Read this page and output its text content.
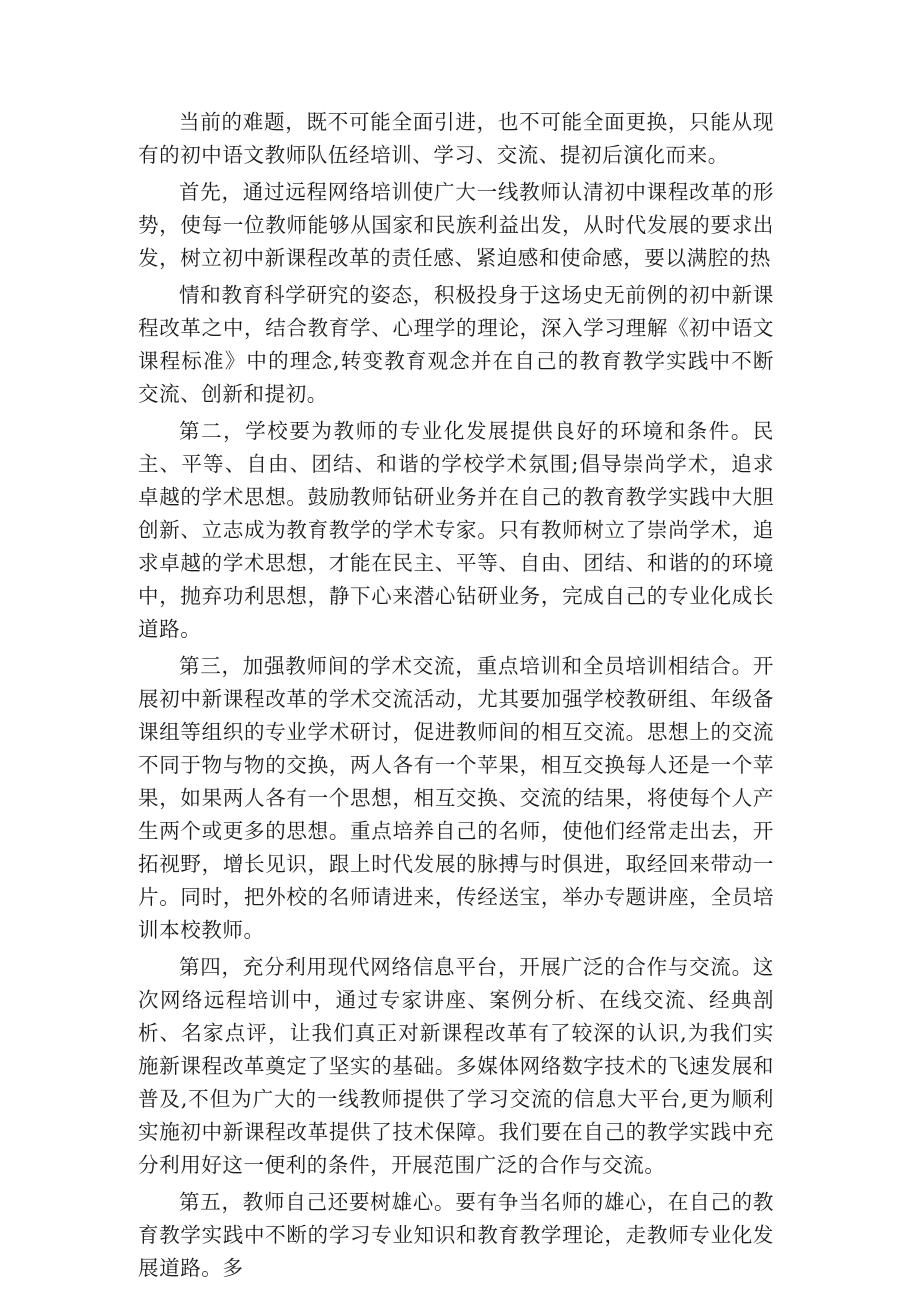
当前的难题，既不可能全面引进，也不可能全面更换，只能从现有的初中语文教师队伍经培训、学习、交流、提初后演化而来。

首先，通过远程网络培训使广大一线教师认清初中课程改革的形势，使每一位教师能够从国家和民族利益出发，从时代发展的要求出发，树立初中新课程改革的责任感、紧迫感和使命感，要以满腔的热

情和教育科学研究的姿态，积极投身于这场史无前例的初中新课程改革之中，结合教育学、心理学的理论，深入学习理解《初中语文课程标准》中的理念,转变教育观念并在自己的教育教学实践中不断交流、创新和提初。

第二，学校要为教师的专业化发展提供良好的环境和条件。民主、平等、自由、团结、和谐的学校学术氛围;倡导崇尚学术，追求卓越的学术思想。鼓励教师钻研业务并在自己的教育教学实践中大胆创新、立志成为教育教学的学术专家。只有教师树立了崇尚学术，追求卓越的学术思想，才能在民主、平等、自由、团结、和谐的的环境中，抛弃功利思想，静下心来潜心钻研业务，完成自己的专业化成长道路。

第三，加强教师间的学术交流，重点培训和全员培训相结合。开展初中新课程改革的学术交流活动，尤其要加强学校教研组、年级备课组等组织的专业学术研讨，促进教师间的相互交流。思想上的交流不同于物与物的交换，两人各有一个苹果，相互交换每人还是一个苹果，如果两人各有一个思想，相互交换、交流的结果，将使每个人产生两个或更多的思想。重点培养自己的名师，使他们经常走出去，开拓视野，增长见识，跟上时代发展的脉搏与时俱进，取经回来带动一片。同时，把外校的名师请进来，传经送宝，举办专题讲座，全员培训本校教师。

第四，充分利用现代网络信息平台，开展广泛的合作与交流。这次网络远程培训中，通过专家讲座、案例分析、在线交流、经典剖析、名家点评，让我们真正对新课程改革有了较深的认识,为我们实施新课程改革奠定了坚实的基础。多媒体网络数字技术的飞速发展和普及,不但为广大的一线教师提供了学习交流的信息大平台,更为顺利实施初中新课程改革提供了技术保障。我们要在自己的教学实践中充分利用好这一便利的条件，开展范围广泛的合作与交流。

第五，教师自己还要树雄心。要有争当名师的雄心，在自己的教育教学实践中不断的学习专业知识和教育教学理论，走教师专业化发展道路。多
